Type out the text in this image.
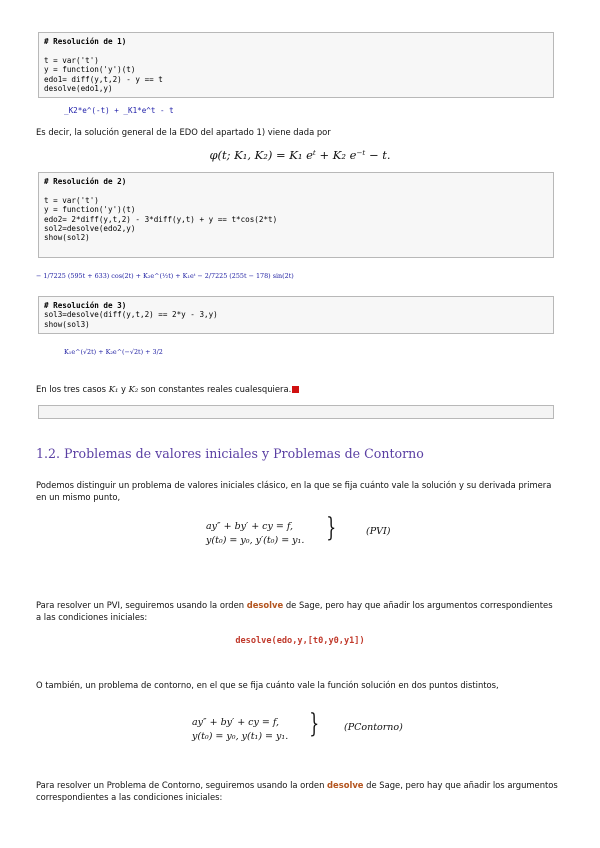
# Resolución de 1)

t = var('t')
y = function('y')(t)
edo1= diff(y,t,2) - y == t
desolve(edo1,y)
_K2*e^(-t) + _K1*e^t - t
Es decir, la solución general de la EDO del apartado 1) viene dada por
φ(t; K₁, K₂) = K₁ eᵗ + K₂ e⁻ᵗ − t.
# Resolución de 2)

t = var('t')
y = function('y')(t)
edo2= 2*diff(y,t,2) - 3*diff(y,t) + y == t*cos(2*t)
sol2=desolve(edo2,y)
show(sol2)
− 1/7225 (595t + 633) cos(2t) + K₂e^(½t) + K₁eᵗ − 2/7225 (255t − 178) sin(2t)
# Resolución de 3)
sol3=desolve(diff(y,t,2) == 2*y - 3,y)
show(sol3)
K₁e^(√2t) + K₂e^(−√2t) + 3/2
En los tres casos K₁ y K₂ son constantes reales cualesquiera.
1.2. Problemas de valores iniciales y Problemas de Contorno
Podemos distinguir un problema de valores iniciales clásico, en la que se fija cuánto vale la solución y su derivada primera en un mismo punto,
ay″ + by′ + cy = f,
y(t₀) = y₀, y′(t₀) = y₁. }	(PVI)
Para resolver un PVI, seguiremos usando la orden desolve de Sage, pero hay que añadir los argumentos correspondientes a las condiciones iniciales:
desolve(edo,y,[t0,y0,y1])
O también, un problema de contorno, en el que se fija cuánto vale la función solución en dos puntos distintos,
ay″ + by′ + cy = f,
y(t₀) = y₀, y(t₁) = y₁. }	(PContorno)
Para resolver un Problema de Contorno, seguiremos usando la orden desolve de Sage, pero hay que añadir los argumentos correspondientes a las condiciones iniciales:
